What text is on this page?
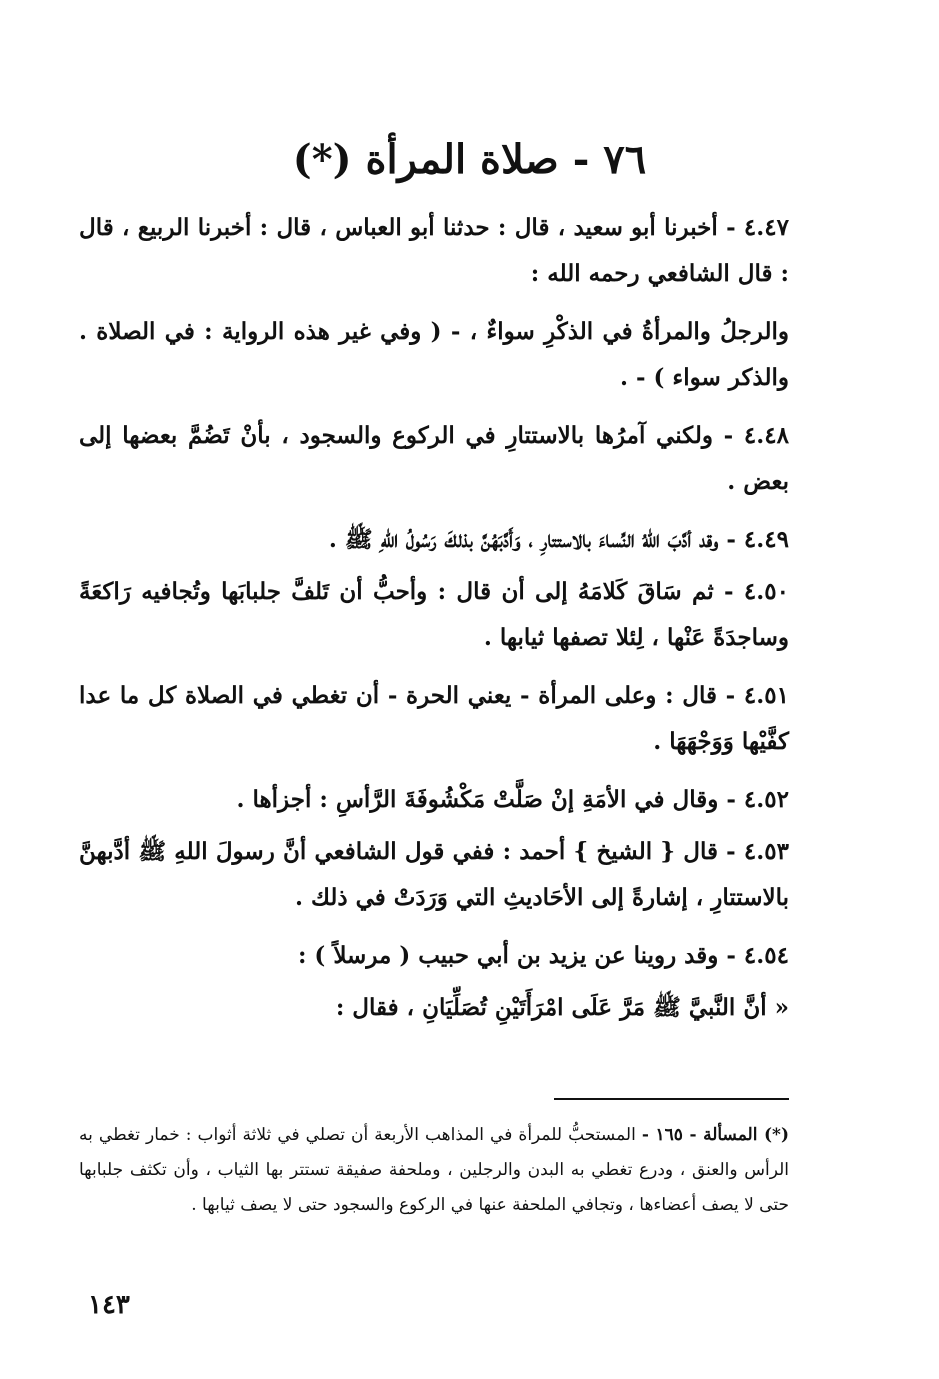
٧٦ - صلاة المرأة (*)

٤.٤٧ - أخبرنا أبو سعيد ، قال : حدثنا أبو العباس ، قال : أخبرنا الربيع ، قال : قال الشافعي رحمه الله :

والرجلُ والمرأةُ في الذكْرِ سواءٌ ، - ( وفي غير هذه الرواية : في الصلاة . والذكر سواء ) - .

٤.٤٨ - ولكني آمرُها بالاستتارِ في الركوع والسجود ، بأنْ تَضُمَّ بعضها إلى بعض .

٤.٤٩ - وقد أدَّبَ اللهُ النِّساءَ بالاستتارِ ، وَأَدَّبَهُنَّ بذلكَ رَسُولُ اللهِ ﷺ .

٤.٥٠ - ثم سَاقَ كَلامَهُ إلى أن قال : وأحبُّ أن تَلفَّ جلبابَها وتُجافيه رَاكعَةً وساجدَةً عَنْها ، لِئلا تصفها ثيابها .

٤.٥١ - قال : وعلى المرأة - يعني الحرة - أن تغطي في الصلاة كل ما عدا كفَّيْها وَوَجْهَهَا .

٤.٥٢ - وقال في الأمَةِ إنْ صَلَّتْ مَكْشُوفَةَ الرَّأسِ : أجزأها .

٤.٥٣ - قال { الشيخ } أحمد : ففي قول الشافعي أنَّ رسولَ اللهِ ﷺ أدَّبهنَّ بالاستتارِ ، إشارةً إلى الأحَاديثِ التي وَرَدَتْ في ذلك .

٤.٥٤ - وقد روينا عن يزيد بن أبي حبيب ( مرسلاً ) :

« أنَّ النَّبيَّ ﷺ مَرَّ عَلَى امْرَأَتَيْنِ تُصَلِّيَانِ ، فقال :

(*) المسألة - ١٦٥ - المستحبُّ للمرأة في المذاهب الأربعة أن تصلي في ثلاثة أثواب : خمار تغطي به الرأس والعنق ، ودرع تغطي به البدن والرجلين ، وملحفة صفيقة تستتر بها الثياب ، وأن تكثف جلبابها حتى لا يصف أعضاءها ، وتجافي الملحفة عنها في الركوع والسجود حتى لا يصف ثيابها .
١٤٣
